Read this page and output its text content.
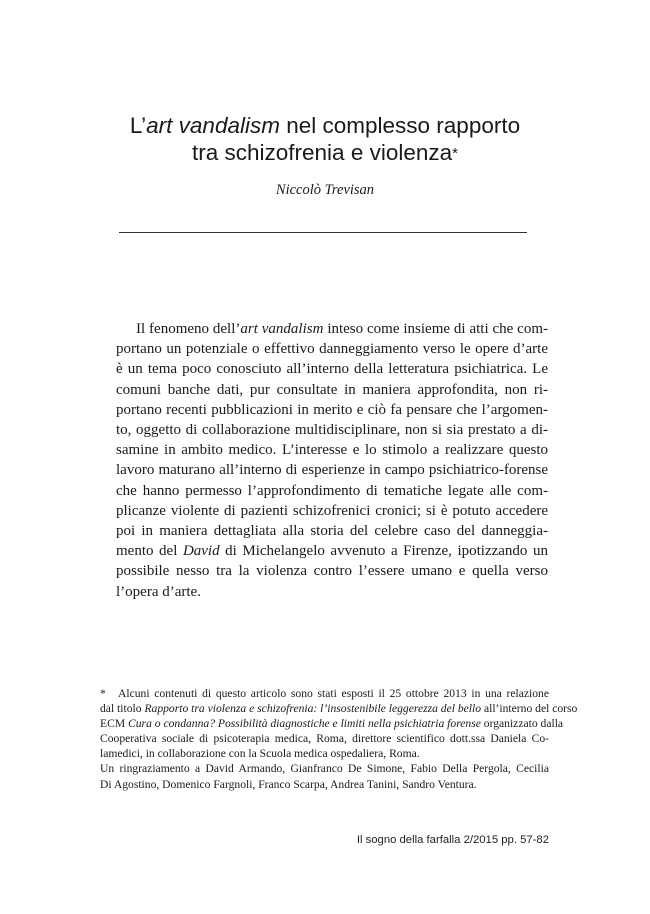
L’art vandalism nel complesso rapporto
tra schizofrenia e violenza*
Niccolò Trevisan

Il fenomeno dell’art vandalism inteso come insieme di atti che com-
portano un potenziale o effettivo danneggiamento verso le opere d’arte
è un tema poco conosciuto all’interno della letteratura psichiatrica. Le
comuni banche dati, pur consultate in maniera approfondita, non ri-
portano recenti pubblicazioni in merito e ciò fa pensare che l’argomen-
to, oggetto di collaborazione multidisciplinare, non si sia prestato a di-
samine in ambito medico. L’interesse e lo stimolo a realizzare questo
lavoro maturano all’interno di esperienze in campo psichiatrico-forense
che hanno permesso l’approfondimento di tematiche legate alle com-
plicanze violente di pazienti schizofrenici cronici; si è potuto accedere
poi in maniera dettagliata alla storia del celebre caso del danneggia-
mento del David di Michelangelo avvenuto a Firenze, ipotizzando un
possibile nesso tra la violenza contro l’essere umano e quella verso
l’opera d’arte.

* Alcuni contenuti di questo articolo sono stati esposti il 25 ottobre 2013 in una relazione
dal titolo Rapporto tra violenza e schizofrenia: l’insostenibile leggerezza del bello all’interno del corso
ECM Cura o condanna? Possibilità diagnostiche e limiti nella psichiatria forense organizzato dalla
Cooperativa sociale di psicoterapia medica, Roma, direttore scientifico dott.ssa Daniela Co-
lamedici, in collaborazione con la Scuola medica ospedaliera, Roma.
Un ringraziamento a David Armando, Gianfranco De Simone, Fabio Della Pergola, Cecilia
Di Agostino, Domenico Fargnoli, Franco Scarpa, Andrea Tanini, Sandro Ventura.
Il sogno della farfalla 2/2015 pp. 57-82
